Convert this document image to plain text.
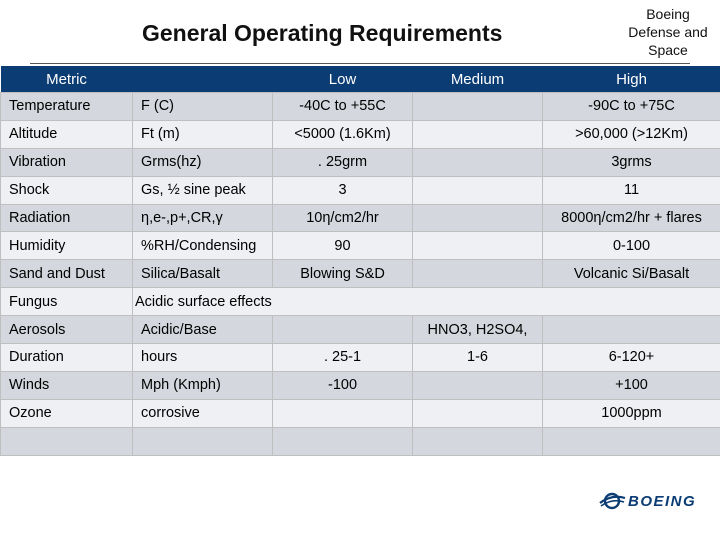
General Operating Requirements
Boeing
Defense and
Space
Metric		Low	Medium	High
Temperature	F (C)	-40C to +55C		-90C to +75C
Altitude	Ft (m)	<5000 (1.6Km)		>60,000 (>12Km)
Vibration	Grms(hz)	. 25grm		3grms
Shock	Gs, ½ sine peak	3		11
Radiation	η,e-,p+,CR,γ	10η/cm2/hr		8000η/cm2/hr + flares
Humidity	%RH/Condensing	90		0-100
Sand and Dust	Silica/Basalt	Blowing S&D		Volcanic Si/Basalt
Fungus	Acidic surface effects			
Aerosols	Acidic/Base		HNO3, H2SO4,	
Duration	hours	. 25-1	1-6	6-120+
Winds	Mph (Kmph)	-100		+100
Ozone	corrosive			1000ppm

BOEING
